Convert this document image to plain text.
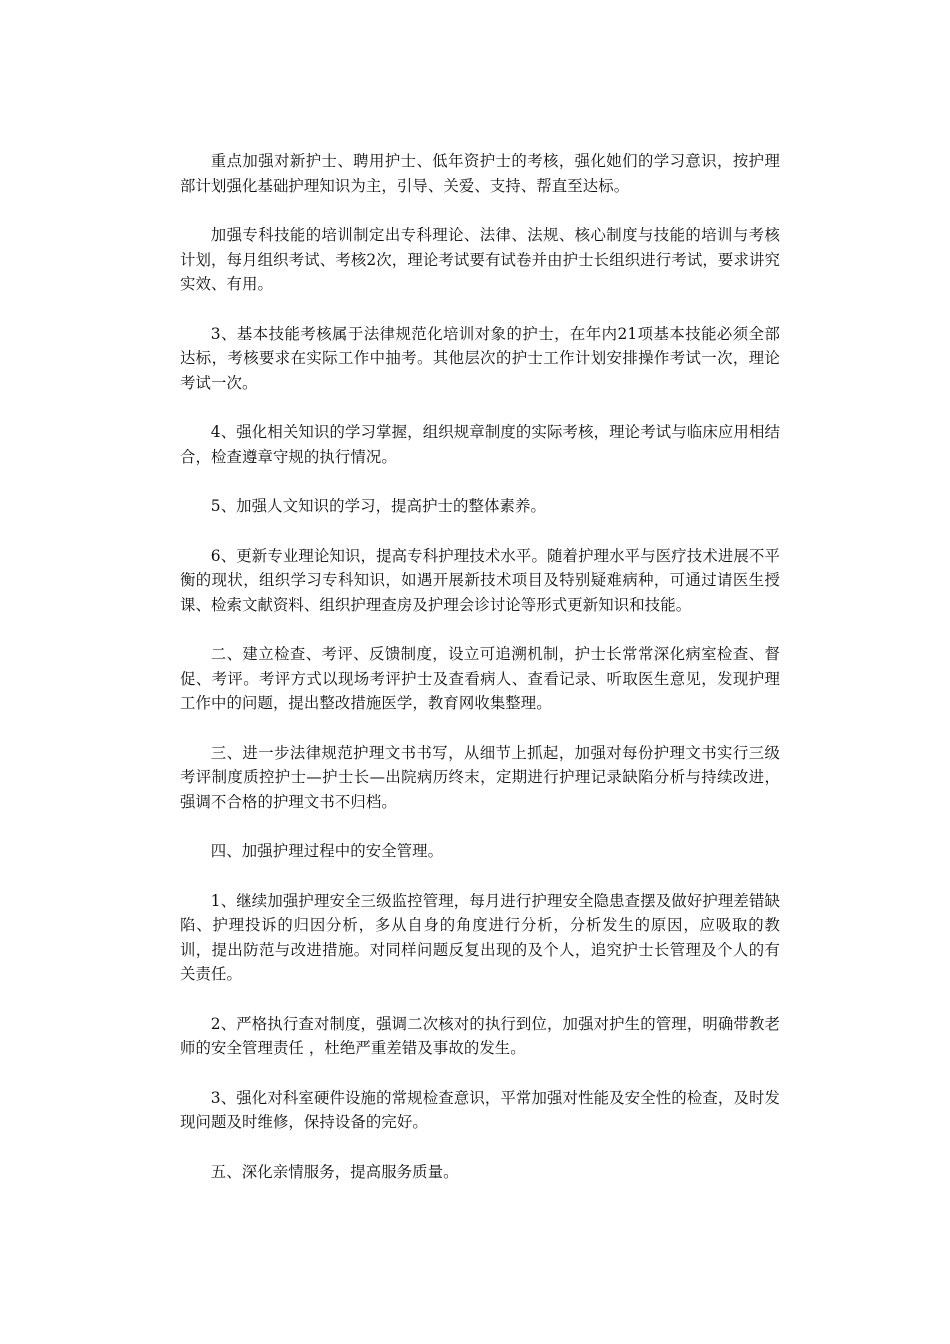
重点加强对新护士、聘用护士、低年资护士的考核，强化她们的学习意识，按护理部计划强化基础护理知识为主，引导、关爱、支持、帮直至达标。

加强专科技能的培训制定出专科理论、法律、法规、核心制度与技能的培训与考核计划，每月组织考试、考核2次，理论考试要有试卷并由护士长组织进行考试，要求讲究实效、有用。

3、基本技能考核属于法律规范化培训对象的护士，在年内21项基本技能必须全部达标，考核要求在实际工作中抽考。其他层次的护士工作计划安排操作考试一次，理论考试一次。

4、强化相关知识的学习掌握，组织规章制度的实际考核，理论考试与临床应用相结合，检查遵章守规的执行情况。

5、加强人文知识的学习，提高护士的整体素养。

6、更新专业理论知识，提高专科护理技术水平。随着护理水平与医疗技术进展不平衡的现状，组织学习专科知识，如遇开展新技术项目及特别疑难病种，可通过请医生授课、检索文献资料、组织护理查房及护理会诊讨论等形式更新知识和技能。

二、建立检查、考评、反馈制度，设立可追溯机制，护士长常常深化病室检查、督促、考评。考评方式以现场考评护士及查看病人、查看记录、听取医生意见，发现护理工作中的问题，提出整改措施医学，教育网收集整理。

三、进一步法律规范护理文书书写，从细节上抓起，加强对每份护理文书实行三级考评制度质控护士—护士长—出院病历终末，定期进行护理记录缺陷分析与持续改进，强调不合格的护理文书不归档。

四、加强护理过程中的安全管理。

1、继续加强护理安全三级监控管理，每月进行护理安全隐患查摆及做好护理差错缺陷、护理投诉的归因分析，多从自身的角度进行分析，分析发生的原因，应吸取的教训，提出防范与改进措施。对同样问题反复出现的及个人，追究护士长管理及个人的有关责任。

2、严格执行查对制度，强调二次核对的执行到位，加强对护生的管理，明确带教老师的安全管理责任 ，杜绝严重差错及事故的发生。

3、强化对科室硬件设施的常规检查意识，平常加强对性能及安全性的检查，及时发现问题及时维修，保持设备的完好。

五、深化亲情服务，提高服务质量。
